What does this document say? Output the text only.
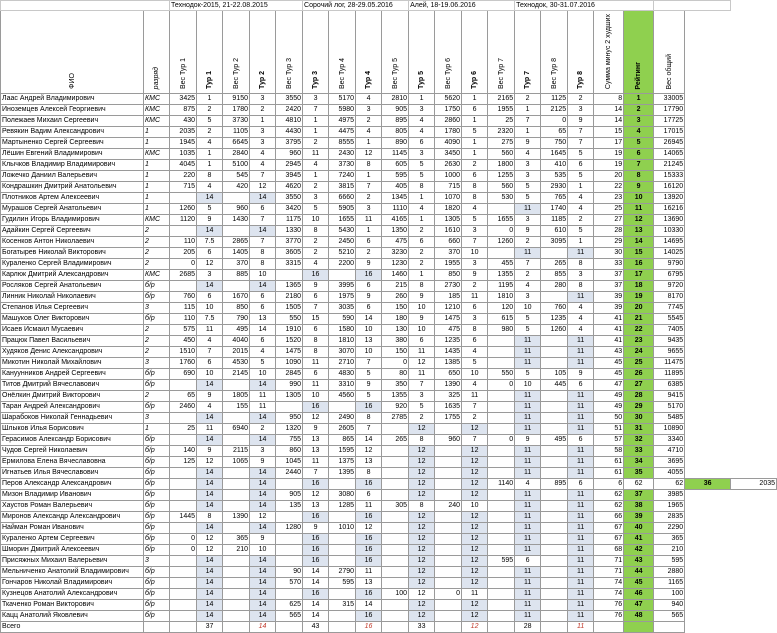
		Технодок-2015, 21-22.08.2015					Сорочий лог, 28-29.05.2016				Алей, 18-19.06.2016				Технодок, 30-31.07.2016							
ФИО	разряд	Вес Тур 1	Тур 1	Вес Тур 2	Тур 2	Вес Тур 3	Тур 3	Вес Тур 4	Тур 4	Вес Тур 5	Тур 5	Вес Тур 6	Тур 6	Вес Тур 7	Тур 7	Вес Тур 8	Тур 8	Сумма минус 2 худших	Рейтинг	Вес общий		
Лаас Андрей Владимирович	КМС	3425	1	9150	3	3550	3	5170	4	2810	1	5620	1	2165	2	1125	2	8	1	33005		
Иноземцев Алексей Георгиевич	КМС	875	2	1780	2	2420	7	5980	3	905	3	1750	6	1955	1	2125	3	14	2	17790		
Полежаев Михаил Сергеевич	КМС	430	5	3730	1	4810	1	4975	2	895	4	2860	1	25	7	0	9	14	3	17725		
Ревякин Вадим Александрович	1	2035	2	1105	3	4430	1	4475	4	805	4	1780	5	2320	1	65	7	15	4	17015		
Мартыненко Сергей Сергеевич	1	1945	4	6645	3	3795	2	8555	1	890	6	4090	1	275	9	750	7	17	5	26945		
Лёшин Евгений Владимирович	КМС	1035	1	2840	4	960	11	2430	12	1145	3	3450	1	560	4	1645	5	19	6	14065		
Клычков Владимир Владимирович	1	4045	1	5100	4	2945	4	3730	8	605	5	2630	2	1800	3	410	6	19	7	21245		
Ложечко Даниил Валерьевич	1	220	8	545	7	3945	1	7240	1	595	5	1000	6	1255	3	535	5	20	8	15333		
Кондрашкин Дмитрий Анатольевич	1	715	4	420	12	4620	2	3815	7	405	8	715	8	560	5	2930	1	22	9	16120		
Плотников Артем Алексеевич	1		14		14	3550	3	6660	2	1345	1	1070	8	530	5	765	4	23	10	13920		
Мурашов Сергей Анатольевич	1	1260	5	960	6	3420	5	5905	3	1110	4	1820	4		11	1740	4	25	11	16216		
Гудилин Игорь Владимирович	КМС	1120	9	1430	7	1175	10	1655	11	4165	1	1305	5	1655	3	1185	2	27	12	13690		
Адайкин Сергей Сергеевич	2		14		14	1330	8	5430	1	1350	2	1610	3	0	9	610	5	28	13	10330		
Косенков Антон Николаевич	2	110	7.5	2865	7	3770	2	2450	6	475	6	660	7	1260	2	3095	1	29	14	14695		
Богатырев Николай Викторович	2	205	6	1405	8	3605	2	5210	2	3230	2	370	10		11		11	30	15	14025		
Кураленко Сергей Владимирович	2	0	12	370	8	3315	4	2200	9	1230	2	1955	3	455	7	265	8	33	16	9790		
Карлюк Дмитрий Александрович	КМС	2685	3	885	10		16		16	1460	1	850	9	1355	2	855	3	37	17	6795		
Росляков Сергей Анатольевич	б/р		14		14	1365	9	3995	6	215	8	2730	2	1195	4	280	8	37	18	9720		
Линник Николай Николаевич	б/р	760	6	1670	6	2180	6	1975	9	260	9	185	11	1810	3		11	39	19	8170		
Степанов Илья Сергеевич	3	115	10	850	6	1505	7	3035	6	150	10	1210	6	120	10	760	4	39	20	7745		
Машуков Олег Викторович	б/р	110	7.5	790	13	550	15	590	14	180	9	1475	3	615	5	1235	4	41	21	5545		
Исаев Исмаил Мусаевич	2	575	11	495	14	1910	6	1580	10	130	10	475	8	980	5	1260	4	41	22	7405		
Працюк Павел Васильевич	2	450	4	4040	6	1520	8	1810	13	380	6	1235	6		11		11	41	23	9435		
Худяков Денис Александрович	2	1510	7	2015	4	1475	8	3070	10	150	11	1435	4		11		11	43	24	9655		
Микотин Николай Михайлович	3	1760	6	4530	5	1090	11	2710	7	0	12	1385	5		11		11	45	25	11475		
Кануунников Андрей Сергеевич	б/р	690	10	2145	10	2845	6	4830	5	80	11	650	10	550	5	105	9	45	26	11895		
Титов Дмитрий Вячеславович	б/р		14		14	990	11	3310	9	350	7	1390	4	0	10	445	6	47	27	6385		
Онёлкин Дмитрий Викторович	2	65	9	1805	11	1305	10	4560	5	1355	3	325	11		11		11	49	28	9415		
Таран Андрей Александрович	б/р	2460	4	155	11		16		16	920	5	1635	7		11		11	49	29	5170		
Шарабоков Николай Геннадьевич	3		14		14	950	12	2490	8	2785	2	1755	2		11		11	50	30	5485		
Шлыков Илья Борисович	1	25	11	6940	2	1320	9	2605	7		12		12		11		11	51	31	10890		
Герасимов Александр Борисович	б/р		14		14	755	13	865	14	265	8	960	7	0	9	495	6	57	32	3340		
Чудов Сергей Николаевич	б/р	140	9	2115	3	860	13	1595	12		12		12		11		11	58	33	4710		
Ермилова Елена Вячеславовна	б/р	125	12	1065	9	1045	11	1375	13		12		12		11		11	61	34	3695		
Игнатьев Илья Вячеславович	б/р		14		14	2440	7	1395	8		12		12		11		11	61	35	4055		
Перов Александр Александрович	б/р		14		14		16		16		12		12	1140	4	895	6	6	62	62	36	2035
Мизон Владимир Иванович	б/р		14		14	905	12	3080	6		12		12		11		11	62	37	3985		
Хаустов Роман Валерьевич	б/р		14		14	135	13	1285	11	305	8	240	10		11		11	62	38	1965		
Миронов Александр Александрович	б/р	1445	8	1390	12		16		16		12		12		11		11	66	39	2835		
Найман Роман Иванович	б/р		14		14	1280	9	1010	12		12		12		11		11	67	40	2290		
Кураленко Артем Сергеевич	б/р	0	12	365	9		16		16		12		12		11		11	67	41	365		
Шморин Дмитрий Алексеевич	б/р	0	12	210	10		16		16		12		12		11		11	68	42	210		
Присяжных Михаил Валерьевич	3		14		14		16		16		12		12	595	6		11	71	43	595		
Мельниченко Анатолий Владимирович	б/р		14		14	90	14	2790	11		12		12		11		11	71	44	2880		
Гончаров Николай Владимирович	б/р		14		14	570	14	595	13		12		12		11		11	74	45	1165		
Кузнецов Анатолий Александрович	б/р		14		14		16		16	100	12	0	11		11		11	74	46	100		
Ткаченко Роман Викторович	б/р		14		14	625	14	315	14		12		12		11		11	76	47	940		
Кацц Анатолий Яковлевич	б/р		14		14	565	14		16		12		12		11		11	76	48	565		
Всего			37		14		43		16		33		12		28		11					
